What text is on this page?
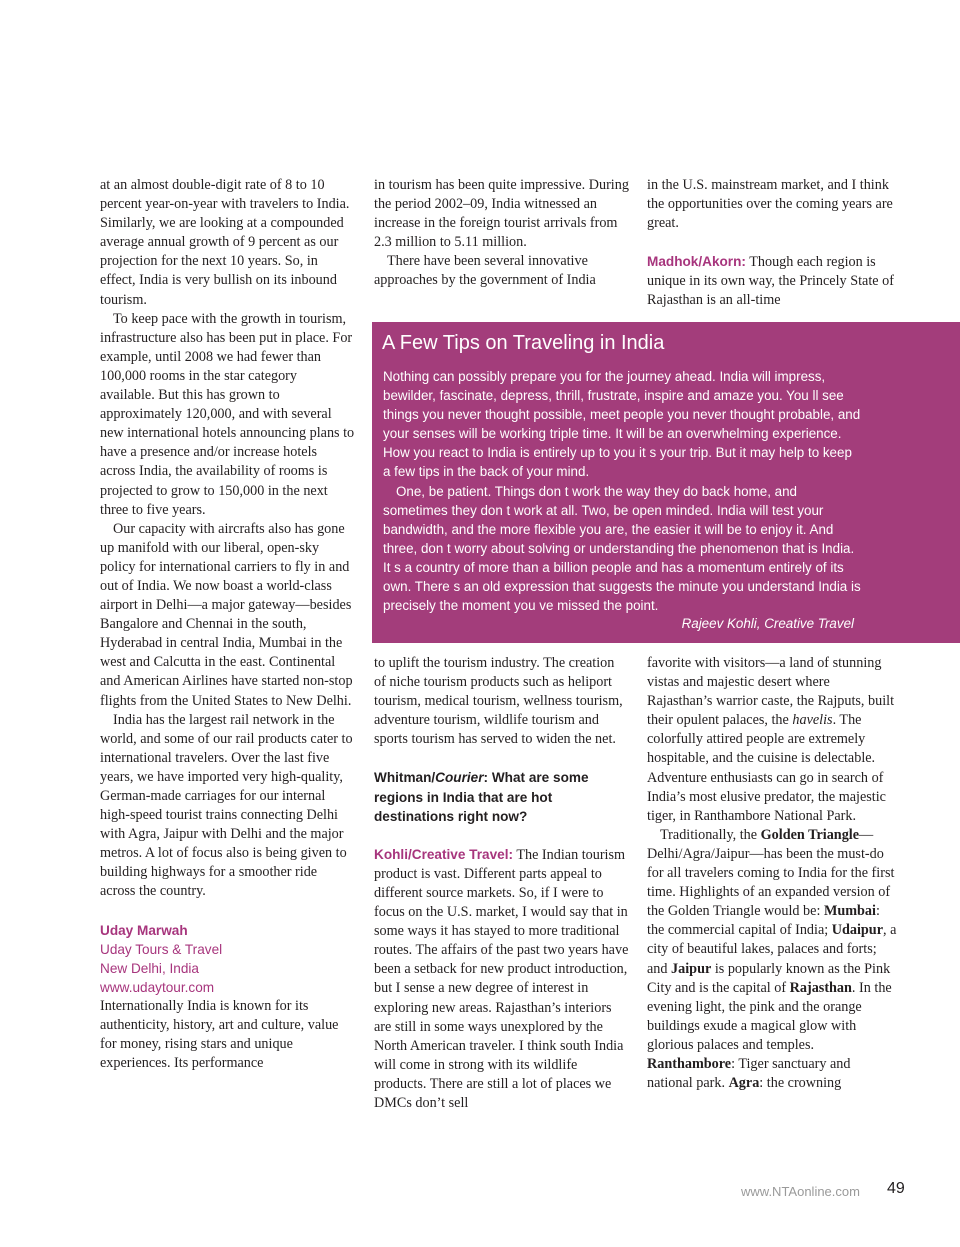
at an almost double-digit rate of 8 to 10 percent year-on-year with travelers to India. Similarly, we are looking at a compounded average annual growth of 9 percent as our projection for the next 10 years. So, in effect, India is very bullish on its inbound tourism.

To keep pace with the growth in tourism, infrastructure also has been put in place. For example, until 2008 we had fewer than 100,000 rooms in the star category available. But this has grown to approximately 120,000, and with several new international hotels announcing plans to have a presence and/or increase hotels across India, the availability of rooms is projected to grow to 150,000 in the next three to five years.

Our capacity with aircrafts also has gone up manifold with our liberal, open-sky policy for international carriers to fly in and out of India. We now boast a world-class airport in Delhi—a major gateway—besides Bangalore and Chennai in the south, Hyderabad in central India, Mumbai in the west and Calcutta in the east. Continental and American Airlines have started non-stop flights from the United States to New Delhi.

India has the largest rail network in the world, and some of our rail products cater to international travelers. Over the last five years, we have imported very high-quality, German-made carriages for our internal high-speed tourist trains connecting Delhi with Agra, Jaipur with Delhi and the major metros. A lot of focus also is being given to building highways for a smoother ride across the country.

Uday Marwah

Uday Tours & Travel

New Delhi, India

www.udaytour.com

Internationally India is known for its authenticity, history, art and culture, value for money, rising stars and unique experiences. Its performance

in tourism has been quite impressive. During the period 2002–09, India witnessed an increase in the foreign tourist arrivals from 2.3 million to 5.11 million.

There have been several innovative approaches by the government of India

in the U.S. mainstream market, and I think the opportunities over the coming years are great.

Madhok/Akorn: Though each region is unique in its own way, the Princely State of Rajasthan is an all-time

A Few Tips on Traveling in India

Nothing can possibly prepare you for the journey ahead. India will impress, bewilder, fascinate, depress, thrill, frustrate, inspire and amaze you. You ll see things you never thought possible, meet people you never thought probable, and your senses will be working triple time. It will be an overwhelming experience. How you react to India is entirely up to you it s your trip. But it may help to keep a few tips in the back of your mind.

One, be patient. Things don t work the way they do back home, and sometimes they don t work at all. Two, be open minded. India will test your bandwidth, and the more flexible you are, the easier it will be to enjoy it. And three, don t worry about solving or understanding the phenomenon that is India. It s a country of more than a billion people and has a momentum entirely of its own. There s an old expression that suggests the minute you understand India is precisely the moment you ve missed the point.

Rajeev Kohli, Creative Travel

to uplift the tourism industry. The creation of niche tourism products such as heliport tourism, medical tourism, wellness tourism, adventure tourism, wildlife tourism and sports tourism has served to widen the net.

Whitman/Courier: What are some regions in India that are hot destinations right now?

Kohli/Creative Travel: The Indian tourism product is vast. Different parts appeal to different source markets. So, if I were to focus on the U.S. market, I would say that in some ways it has stayed to more traditional routes. The affairs of the past two years have been a setback for new product introduction, but I sense a new degree of interest in exploring new areas. Rajasthan’s interiors are still in some ways unexplored by the North American traveler. I think south India will come in strong with its wildlife products. There are still a lot of places we DMCs don’t sell

favorite with visitors—a land of stunning vistas and majestic desert where Rajasthan’s warrior caste, the Rajputs, built their opulent palaces, the havelis. The colorfully attired people are extremely hospitable, and the cuisine is delectable. Adventure enthusiasts can go in search of India’s most elusive predator, the majestic tiger, in Ranthambore National Park.

Traditionally, the Golden Triangle—Delhi/Agra/Jaipur—has been the must-do for all travelers coming to India for the first time. Highlights of an expanded version of the Golden Triangle would be: Mumbai: the commercial capital of India; Udaipur, a city of beautiful lakes, palaces and forts; and Jaipur is popularly known as the Pink City and is the capital of Rajasthan. In the evening light, the pink and the orange buildings exude a magical glow with glorious palaces and temples. Ranthambore: Tiger sanctuary and national park. Agra: the crowning

www.NTAonline.com 49
